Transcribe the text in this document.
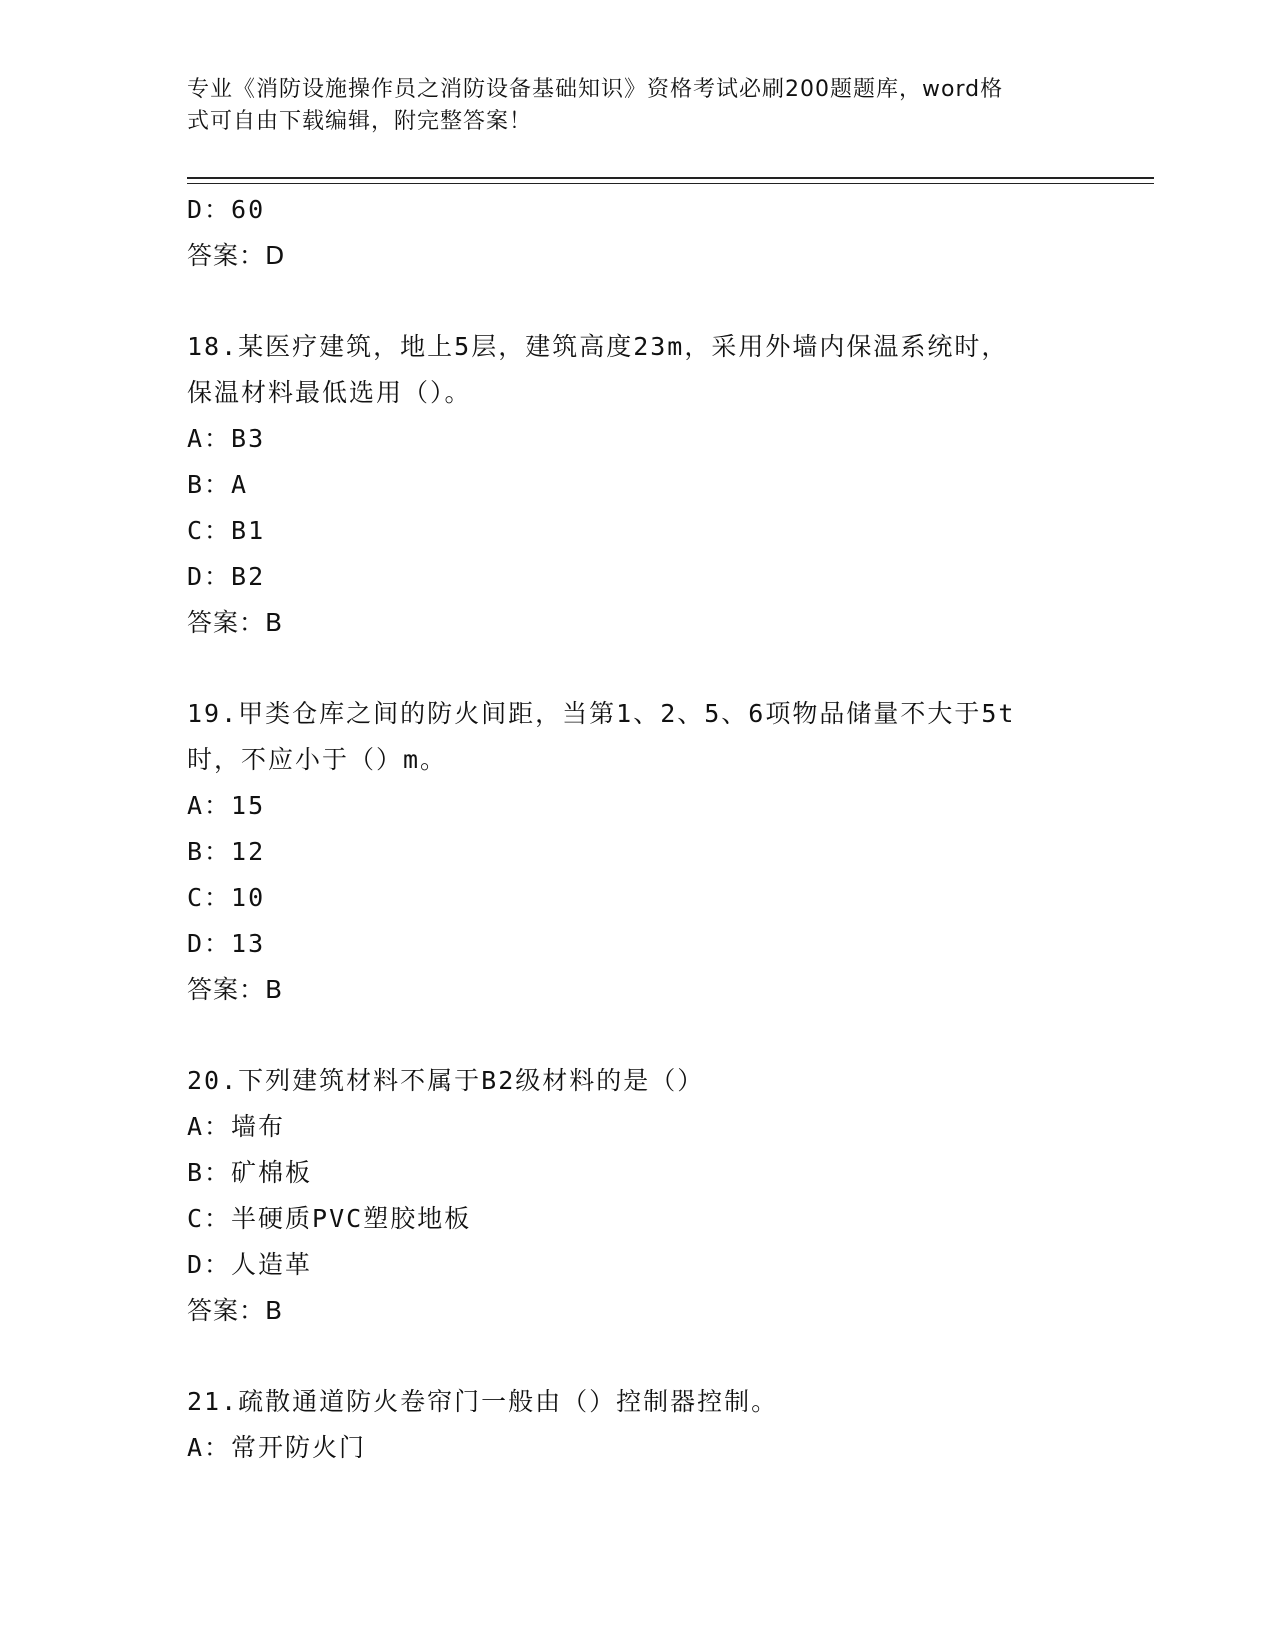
专业《消防设施操作员之消防设备基础知识》资格考试必刷200题题库，word格
式可自由下载编辑，附完整答案！
D：60
答案：D
18.某医疗建筑，地上5层，建筑高度23m，采用外墙内保温系统时，
保温材料最低选用（）。
A：B3
B：A
C：B1
D：B2
答案：B
19.甲类仓库之间的防火间距，当第1、2、5、6项物品储量不大于5t
时，不应小于（）m。
A：15
B：12
C：10
D：13
答案：B
20.下列建筑材料不属于B2级材料的是（）
A：墙布
B：矿棉板
C：半硬质PVC塑胶地板
D：人造革
答案：B
21.疏散通道防火卷帘门一般由（）控制器控制。
A：常开防火门
